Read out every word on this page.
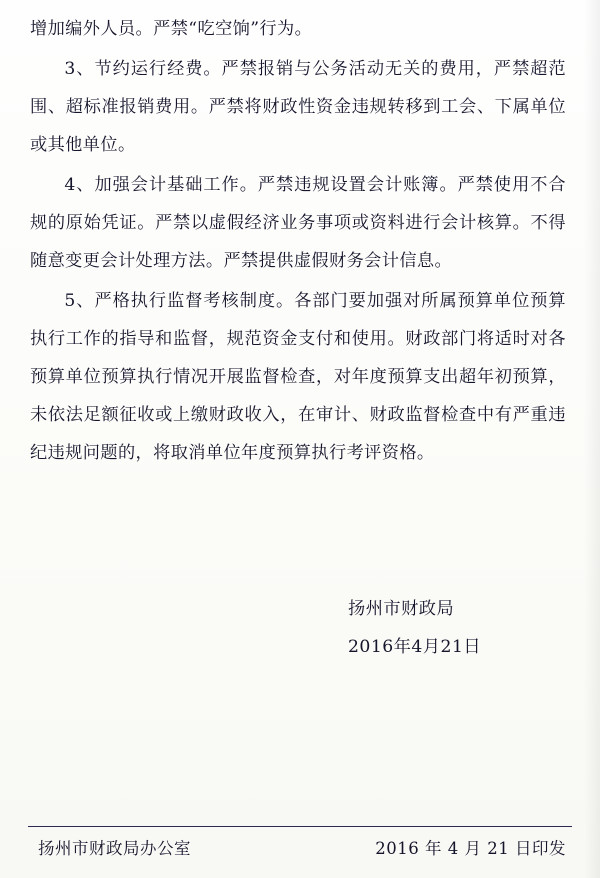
增加编外人员。严禁“吃空饷”行为。

3、节约运行经费。严禁报销与公务活动无关的费用，严禁超范围、超标准报销费用。严禁将财政性资金违规转移到工会、下属单位或其他单位。

4、加强会计基础工作。严禁违规设置会计账簿。严禁使用不合规的原始凭证。严禁以虚假经济业务事项或资料进行会计核算。不得随意变更会计处理方法。严禁提供虚假财务会计信息。

5、严格执行监督考核制度。各部门要加强对所属预算单位预算执行工作的指导和监督，规范资金支付和使用。财政部门将适时对各预算单位预算执行情况开展监督检查，对年度预算支出超年初预算，未依法足额征收或上缴财政收入，在审计、财政监督检查中有严重违纪违规问题的，将取消单位年度预算执行考评资格。

扬州市财政局
2016年4月21日
扬州市财政局办公室	2016 年 4 月 21 日印发
